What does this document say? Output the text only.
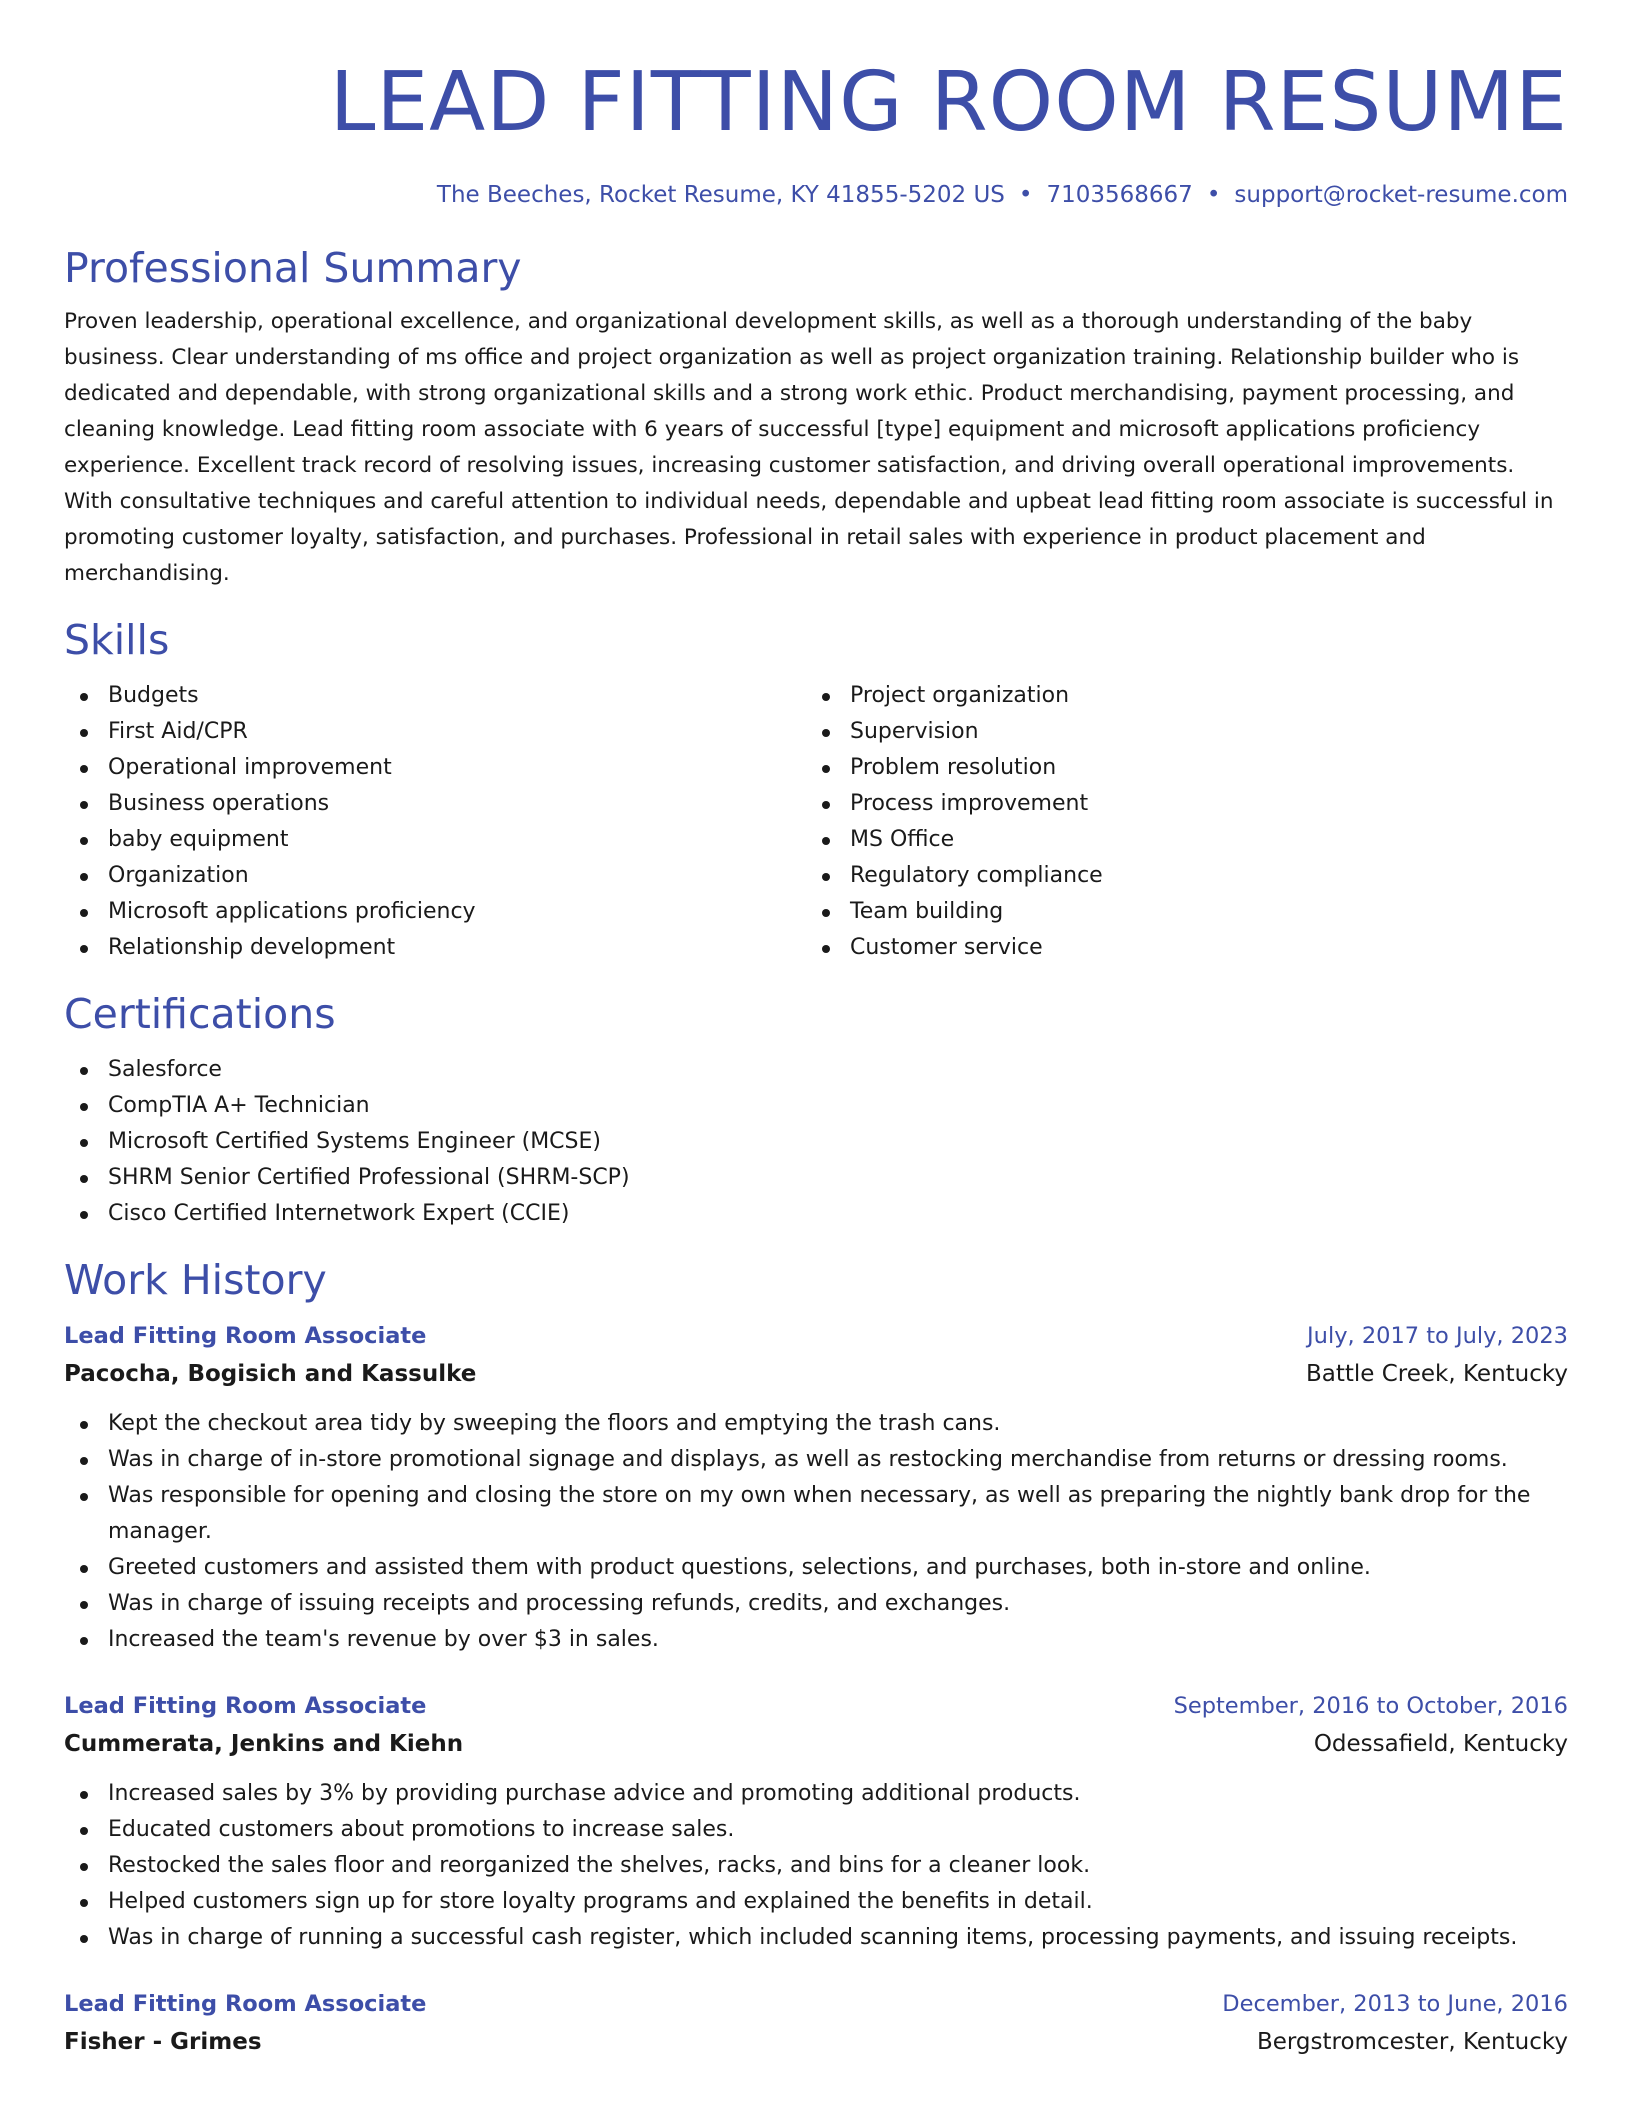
LEAD FITTING ROOM RESUME
The Beeches, Rocket Resume, KY 41855-5202 US • 7103568667 • support@rocket-resume.com
Professional Summary

Proven leadership, operational excellence, and organizational development skills, as well as a thorough understanding of the baby business. Clear understanding of ms office and project organization as well as project organization training. Relationship builder who is dedicated and dependable, with strong organizational skills and a strong work ethic. Product merchandising, payment processing, and cleaning knowledge. Lead fitting room associate with 6 years of successful [type] equipment and microsoft applications proficiency experience. Excellent track record of resolving issues, increasing customer satisfaction, and driving overall operational improvements. With consultative techniques and careful attention to individual needs, dependable and upbeat lead fitting room associate is successful in promoting customer loyalty, satisfaction, and purchases. Professional in retail sales with experience in product placement and merchandising.

Skills
Budgets
First Aid/CPR
Operational improvement
Business operations
baby equipment
Organization
Microsoft applications proficiency
Relationship development
Project organization
Supervision
Problem resolution
Process improvement
MS Office
Regulatory compliance
Team building
Customer service
Certifications
Salesforce
CompTIA A+ Technician
Microsoft Certified Systems Engineer (MCSE)
SHRM Senior Certified Professional (SHRM-SCP)
Cisco Certified Internetwork Expert (CCIE)
Work History
Lead Fitting Room Associate	July, 2017 to July, 2023
Pacocha, Bogisich and Kassulke	Battle Creek, Kentucky
Kept the checkout area tidy by sweeping the floors and emptying the trash cans.
Was in charge of in-store promotional signage and displays, as well as restocking merchandise from returns or dressing rooms.
Was responsible for opening and closing the store on my own when necessary, as well as preparing the nightly bank drop for the manager.
Greeted customers and assisted them with product questions, selections, and purchases, both in-store and online.
Was in charge of issuing receipts and processing refunds, credits, and exchanges.
Increased the team's revenue by over $3 in sales.
Lead Fitting Room Associate	September, 2016 to October, 2016
Cummerata, Jenkins and Kiehn	Odessafield, Kentucky
Increased sales by 3% by providing purchase advice and promoting additional products.
Educated customers about promotions to increase sales.
Restocked the sales floor and reorganized the shelves, racks, and bins for a cleaner look.
Helped customers sign up for store loyalty programs and explained the benefits in detail.
Was in charge of running a successful cash register, which included scanning items, processing payments, and issuing receipts.
Lead Fitting Room Associate	December, 2013 to June, 2016
Fisher - Grimes	Bergstromcester, Kentucky
